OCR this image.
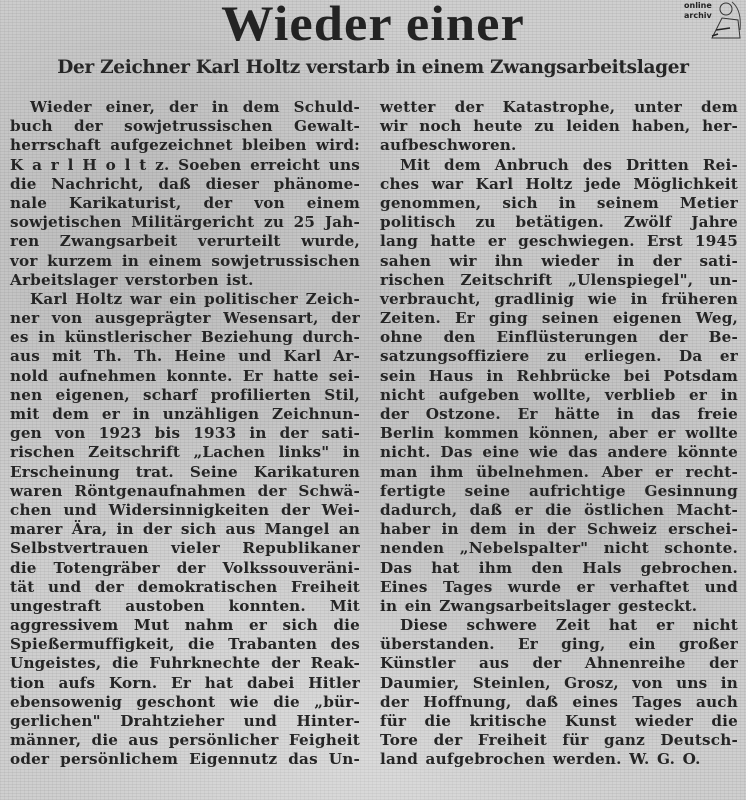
Wieder einer
Der Zeichner Karl Holtz verstarb in einem Zwangsarbeitslager
online
archiv
Wieder einer, der in dem Schuld-
buch der sowjetrussischen Gewalt-
herrschaft aufgezeichnet bleiben wird:
K a r l H o l t z. Soeben erreicht uns
die Nachricht, daß dieser phänome-
nale Karikaturist, der von einem
sowjetischen Militärgericht zu 25 Jah-
ren Zwangsarbeit verurteilt wurde,
vor kurzem in einem sowjetrussischen
Arbeitslager verstorben ist.
Karl Holtz war ein politischer Zeich-
ner von ausgeprägter Wesensart, der
es in künstlerischer Beziehung durch-
aus mit Th. Th. Heine und Karl Ar-
nold aufnehmen konnte. Er hatte sei-
nen eigenen, scharf profilierten Stil,
mit dem er in unzähligen Zeichnun-
gen von 1923 bis 1933 in der sati-
rischen Zeitschrift „Lachen links" in
Erscheinung trat. Seine Karikaturen
waren Röntgenaufnahmen der Schwä-
chen und Widersinnigkeiten der Wei-
marer Ära, in der sich aus Mangel an
Selbstvertrauen vieler Republikaner
die Totengräber der Volkssouveräni-
tät und der demokratischen Freiheit
ungestraft austoben konnten. Mit
aggressivem Mut nahm er sich die
Spießermuffigkeit, die Trabanten des
Ungeistes, die Fuhrknechte der Reak-
tion aufs Korn. Er hat dabei Hitler
ebensowenig geschont wie die „bür-
gerlichen" Drahtzieher und Hinter-
männer, die aus persönlicher Feigheit
oder persönlichem Eigennutz das Un-
wetter der Katastrophe, unter dem
wir noch heute zu leiden haben, her-
aufbeschworen.
Mit dem Anbruch des Dritten Rei-
ches war Karl Holtz jede Möglichkeit
genommen, sich in seinem Metier
politisch zu betätigen. Zwölf Jahre
lang hatte er geschwiegen. Erst 1945
sahen wir ihn wieder in der sati-
rischen Zeitschrift „Ulenspiegel", un-
verbraucht, gradlinig wie in früheren
Zeiten. Er ging seinen eigenen Weg,
ohne den Einflüsterungen der Be-
satzungsoffiziere zu erliegen. Da er
sein Haus in Rehbrücke bei Potsdam
nicht aufgeben wollte, verblieb er in
der Ostzone. Er hätte in das freie
Berlin kommen können, aber er wollte
nicht. Das eine wie das andere könnte
man ihm übelnehmen. Aber er recht-
fertigte seine aufrichtige Gesinnung
dadurch, daß er die östlichen Macht-
haber in dem in der Schweiz erschei-
nenden „Nebelspalter" nicht schonte.
Das hat ihm den Hals gebrochen.
Eines Tages wurde er verhaftet und
in ein Zwangsarbeitslager gesteckt.
Diese schwere Zeit hat er nicht
überstanden. Er ging, ein großer
Künstler aus der Ahnenreihe der
Daumier, Steinlen, Grosz, von uns in
der Hoffnung, daß eines Tages auch
für die kritische Kunst wieder die
Tore der Freiheit für ganz Deutsch-
land aufgebrochen werden. W. G. O.
